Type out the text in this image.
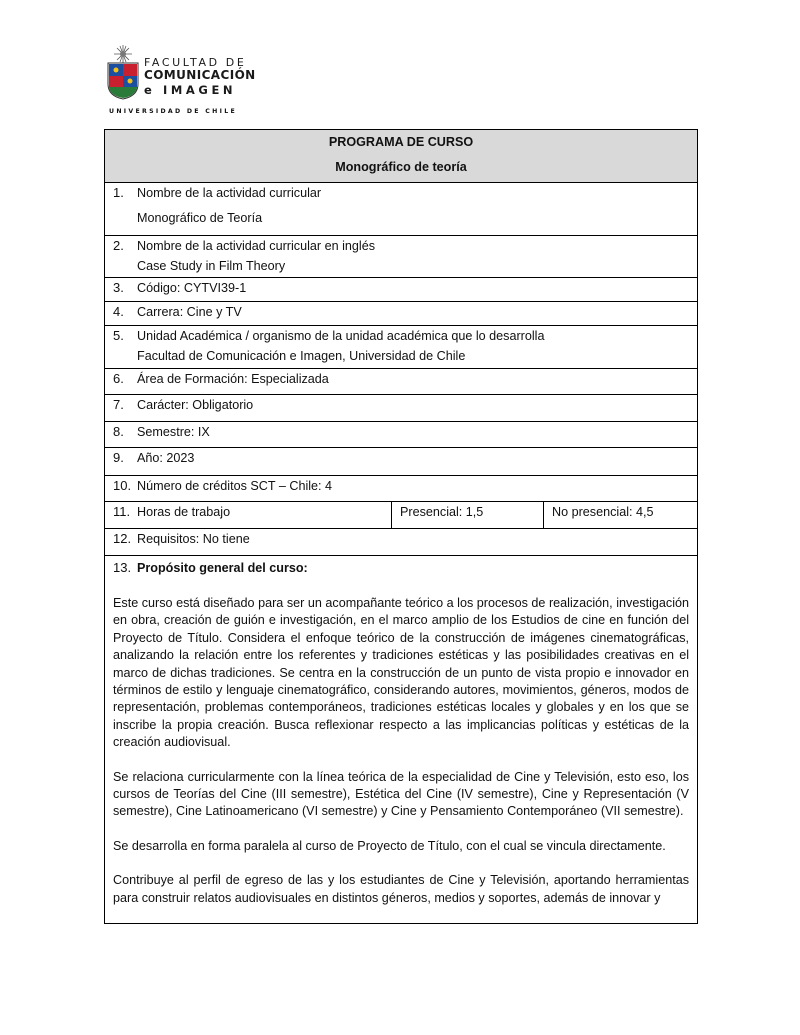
FACULTAD DE
COMUNICACIÓN
e IMAGEN
UNIVERSIDAD DE CHILE
PROGRAMA DE CURSO
Monográfico de teoría

1. Nombre de la actividad curricular
Monográfico de Teoría

2. Nombre de la actividad curricular en inglés
Case Study in Film Theory

3. Código: CYTVI39-1

4. Carrera: Cine y TV

5. Unidad Académica / organismo de la unidad académica que lo desarrolla
Facultad de Comunicación e Imagen, Universidad de Chile

6. Área de Formación: Especializada

7. Carácter: Obligatorio

8. Semestre: IX

9. Año: 2023

10. Número de créditos SCT – Chile: 4

11. Horas de trabajo	Presencial: 1,5	No presencial: 4,5

12. Requisitos: No tiene

13. Propósito general del curso:

Este curso está diseñado para ser un acompañante teórico a los procesos de realización, investigación en obra, creación de guión e investigación, en el marco amplio de los Estudios de cine en función del Proyecto de Título. Considera el enfoque teórico de la construcción de imágenes cinematográficas, analizando la relación entre los referentes y tradiciones estéticas y las posibilidades creativas en el marco de dichas tradiciones. Se centra en la construcción de un punto de vista propio e innovador en términos de estilo y lenguaje cinematográfico, considerando autores, movimientos, géneros, modos de representación, problemas contemporáneos, tradiciones estéticas locales y globales y en los que se inscribe la propia creación. Busca reflexionar respecto a las implicancias políticas y estéticas de la creación audiovisual.

Se relaciona curricularmente con la línea teórica de la especialidad de Cine y Televisión, esto eso, los cursos de Teorías del Cine (III semestre), Estética del Cine (IV semestre), Cine y Representación (V semestre), Cine Latinoamericano (VI semestre) y Cine y Pensamiento Contemporáneo (VII semestre).

Se desarrolla en forma paralela al curso de Proyecto de Título, con el cual se vincula directamente.

Contribuye al perfil de egreso de las y los estudiantes de Cine y Televisión, aportando herramientas para construir relatos audiovisuales en distintos géneros, medios y soportes, además de innovar y
